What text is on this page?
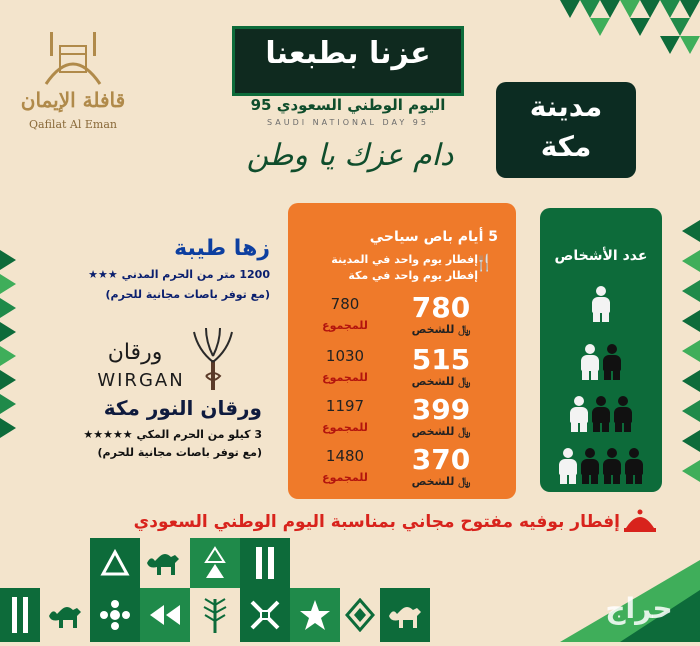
قافلة الإيمان
Qafilat Al Eman
عزنا بطبعنا
اليوم الوطني السعودي 95
SAUDI NATIONAL DAY 95
دام عزك يا وطن
مدينة
مكة
عدد الأشخاص
5 أيام باص سياحي
🍴
إفطار يوم واحد في المدينة
إفطار يوم واحد في مكة
780
﷼ للشخص
780
للمجموع
515
﷼ للشخص
1030
للمجموع
399
﷼ للشخص
1197
للمجموع
370
﷼ للشخص
1480
للمجموع
زها طيبة
1200 متر من الحرم المدني ★★★
(مع توفر باصات مجانية للحرم)
ورقان
WIRGAN
ورقان النور مكة
3 كيلو من الحرم المكي ★★★★★
(مع توفر باصات مجانية للحرم)
إفطار بوفيه مفتوح مجاني بمناسبة اليوم الوطني السعودي
حراج
